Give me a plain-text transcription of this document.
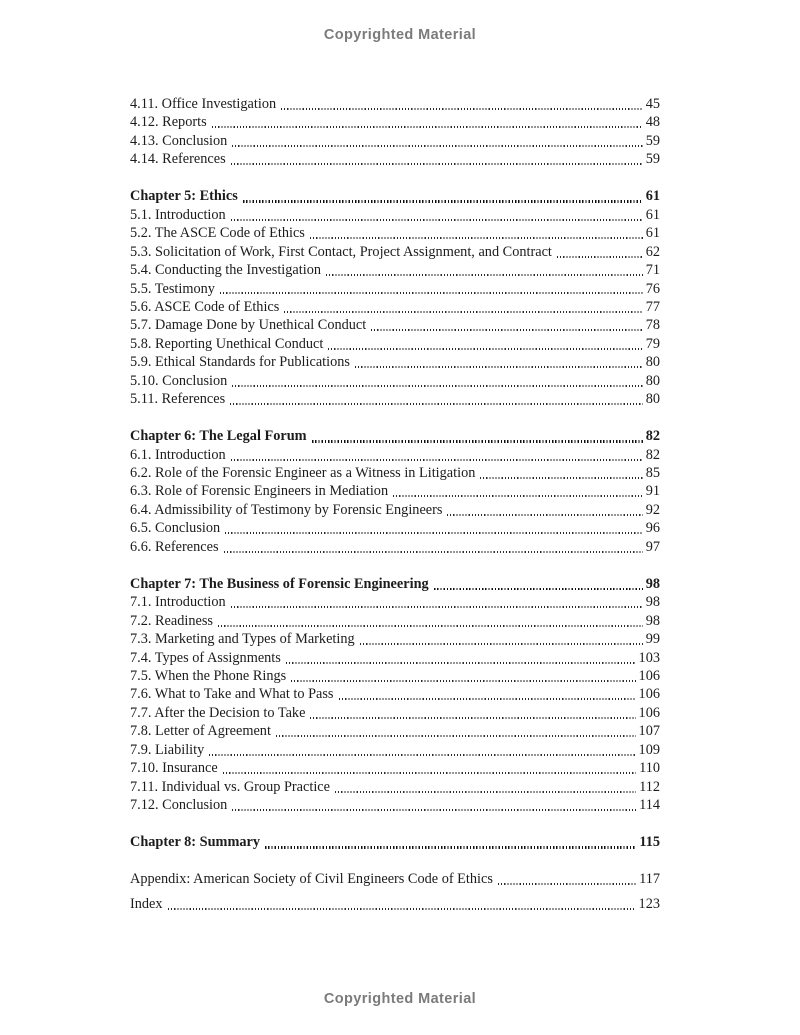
Copyrighted Material
4.11. Office Investigation	45
4.12. Reports	48
4.13. Conclusion	59
4.14. References	59
Chapter 5: Ethics	61
5.1. Introduction	61
5.2. The ASCE Code of Ethics	61
5.3. Solicitation of Work, First Contact, Project Assignment, and Contract	62
5.4. Conducting the Investigation	71
5.5. Testimony	76
5.6. ASCE Code of Ethics	77
5.7. Damage Done by Unethical Conduct	78
5.8. Reporting Unethical Conduct	79
5.9. Ethical Standards for Publications	80
5.10. Conclusion	80
5.11. References	80
Chapter 6: The Legal Forum	82
6.1. Introduction	82
6.2. Role of the Forensic Engineer as a Witness in Litigation	85
6.3. Role of Forensic Engineers in Mediation	91
6.4. Admissibility of Testimony by Forensic Engineers	92
6.5. Conclusion	96
6.6. References	97
Chapter 7: The Business of Forensic Engineering	98
7.1. Introduction	98
7.2. Readiness	98
7.3. Marketing and Types of Marketing	99
7.4. Types of Assignments	103
7.5. When the Phone Rings	106
7.6. What to Take and What to Pass	106
7.7. After the Decision to Take	106
7.8. Letter of Agreement	107
7.9. Liability	109
7.10. Insurance	110
7.11. Individual vs. Group Practice	112
7.12. Conclusion	114
Chapter 8: Summary	115
Appendix: American Society of Civil Engineers Code of Ethics	117
Index	123
Copyrighted Material
